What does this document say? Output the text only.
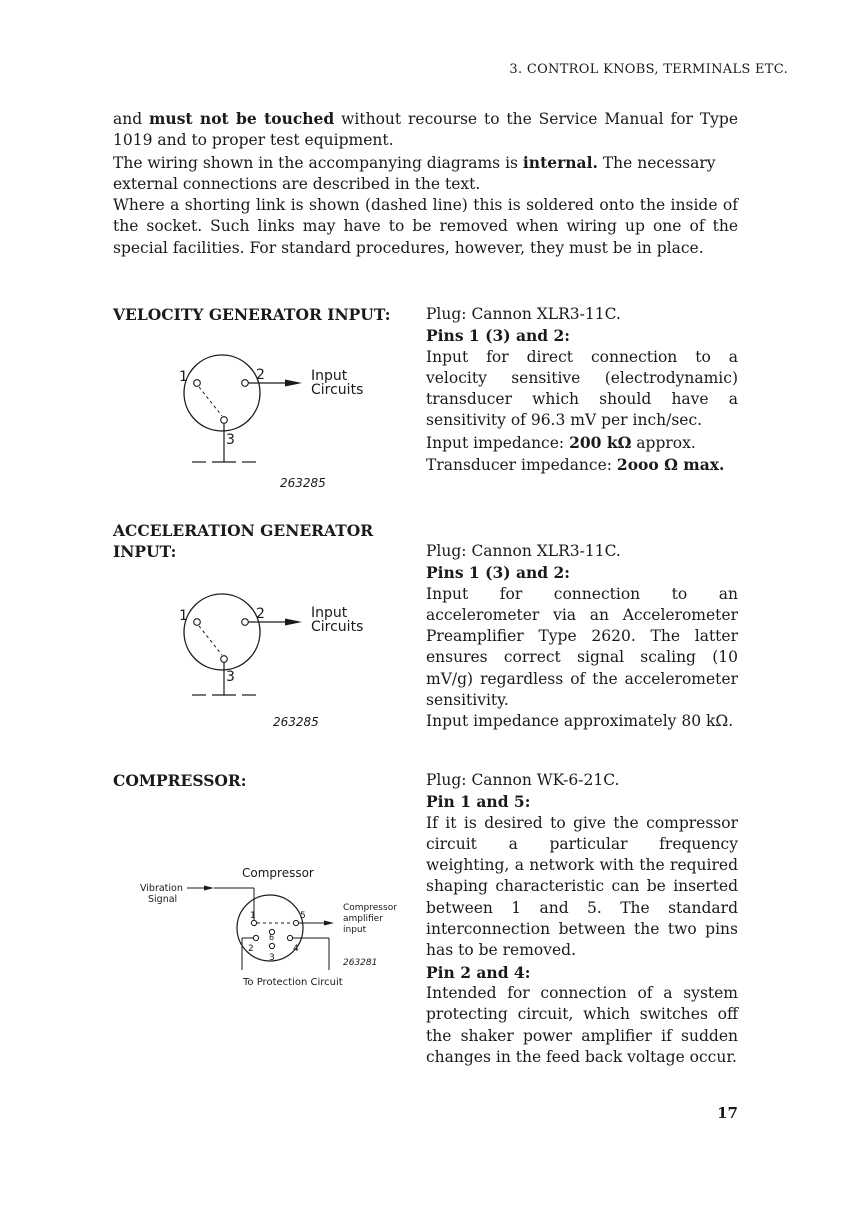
3. CONTROL KNOBS, TERMINALS ETC.

and must not be touched without recourse to the Service Manual for Type 1019 and to proper test equipment.

The wiring shown in the accompanying diagrams is internal. The necessary external connections are described in the text.

Where a shorting link is shown (dashed line) this is soldered onto the inside of the socket. Such links may have to be removed when wiring up one of the special facilities. For standard procedures, however, they must be in place.

VELOCITY GENERATOR INPUT: Plug: Cannon XLR3-11C.

Pins 1 (3) and 2:

Input for direct connection to a velocity sensitive (electrodynamic) transducer which should have a sensitivity of 96.3 mV per inch/sec.

Input impedance: 200 kΩ approx.

Transducer impedance: 2ooo Ω max.

1	2
3
Input
Circuits
263285
ACCELERATION GENERATOR
INPUT:	Plug: Cannon XLR3-11C.

Pins 1 (3) and 2:

Input for connection to an accelerometer via an Accelerometer Preamplifier Type 2620. The latter ensures correct signal scaling (10 mV/g) regardless of the accelerometer sensitivity.

Input impedance approximately 80 kΩ.

1	2
3
Input
Circuits
263285
COMPRESSOR:	Plug: Cannon WK-6-21C.

Pin 1 and 5:

If it is desired to give the compressor circuit a particular frequency weighting, a network with the required shaping characteristic can be inserted between 1 and 5. The standard interconnection between the two pins has to be removed.

Pin 2 and 4:

Intended for connection of a system protecting circuit, which switches off the shaker power amplifier if sudden changes in the feed back voltage occur.

Compressor
Vibration
Signal
1	5
2	4
6
3
Compressor
amplifier
input
263281
To Protection Circuit
17
